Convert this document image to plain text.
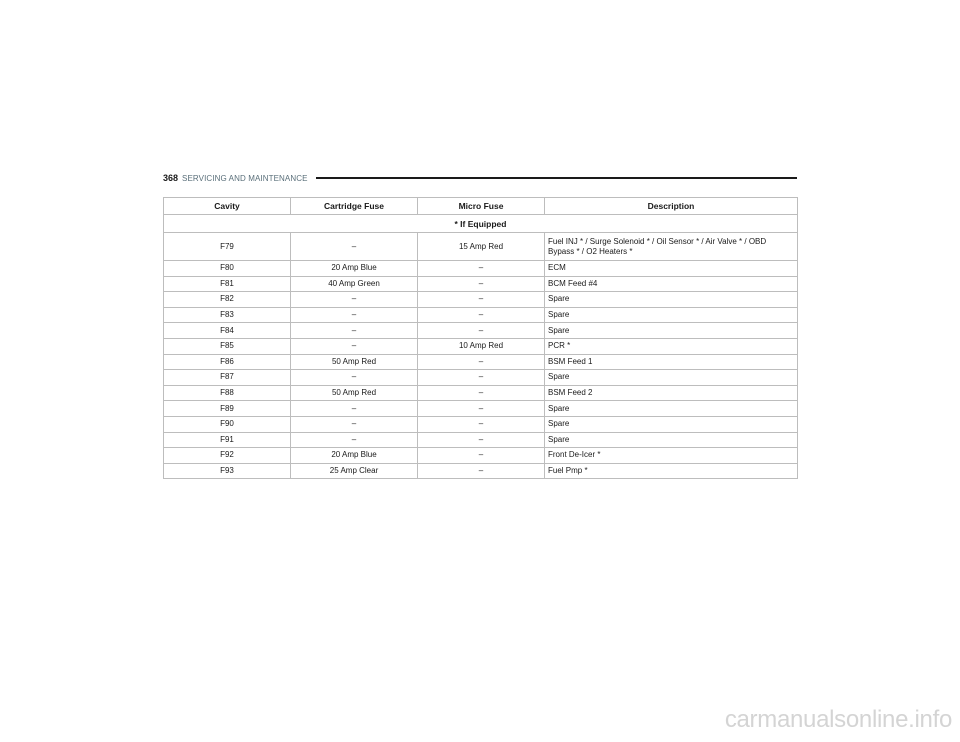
368 SERVICING AND MAINTENANCE
Cavity	Cartridge Fuse	Micro Fuse	Description
* If Equipped			
F79	–	15 Amp Red	Fuel INJ * / Surge Solenoid * / Oil Sensor * / Air Valve * / OBD Bypass * / O2 Heaters *
F80	20 Amp Blue	–	ECM
F81	40 Amp Green	–	BCM Feed #4
F82	–	–	Spare
F83	–	–	Spare
F84	–	–	Spare
F85	–	10 Amp Red	PCR *
F86	50 Amp Red	–	BSM Feed 1
F87	–	–	Spare
F88	50 Amp Red	–	BSM Feed 2
F89	–	–	Spare
F90	–	–	Spare
F91	–	–	Spare
F92	20 Amp Blue	–	Front De-Icer *
F93	25 Amp Clear	–	Fuel Pmp *
carmanualsonline.info
